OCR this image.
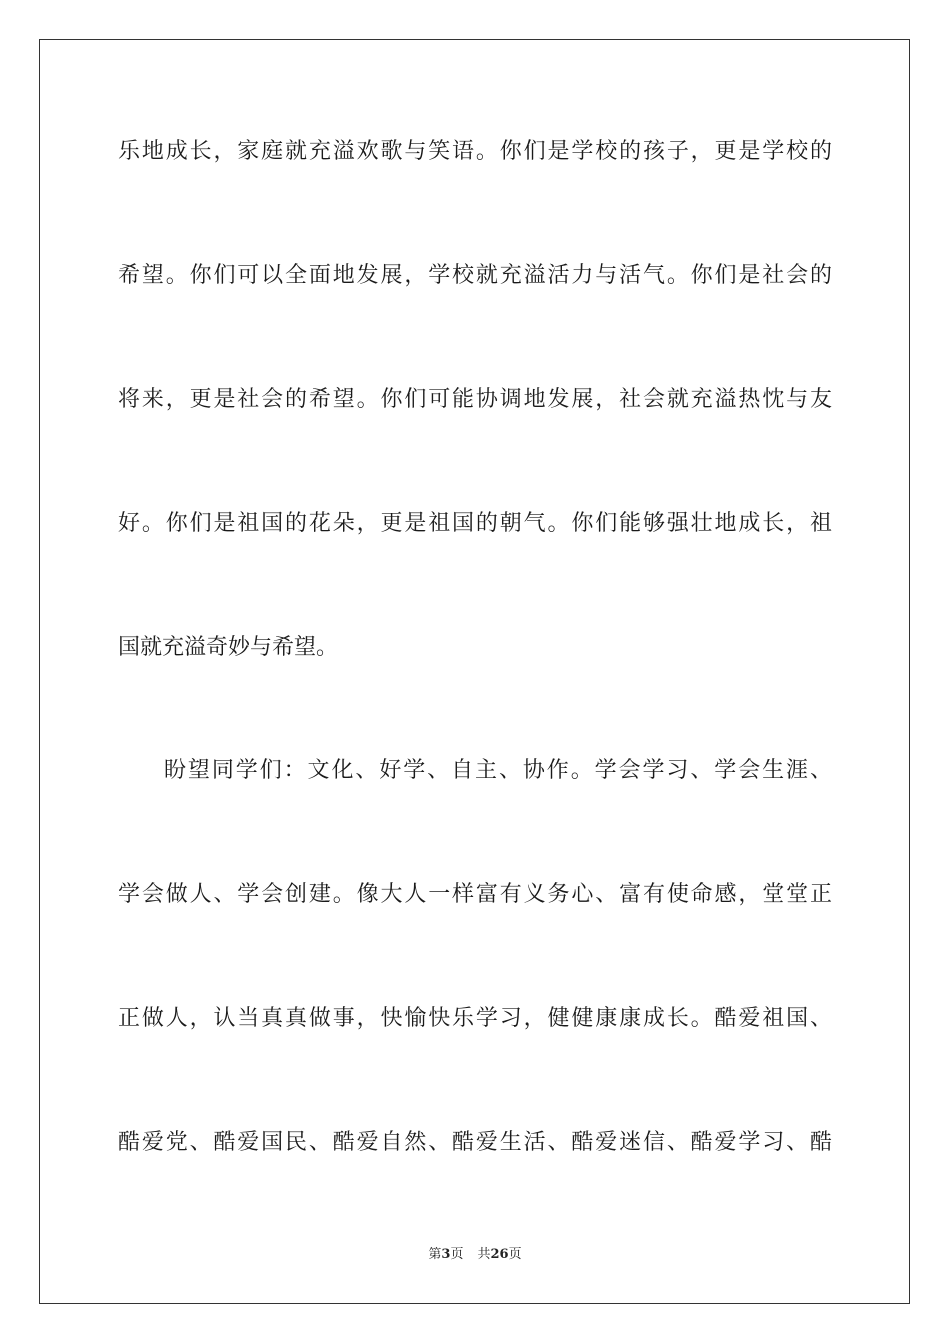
乐地成长，家庭就充溢欢歌与笑语。你们是学校的孩子，更是学校的
希望。你们可以全面地发展，学校就充溢活力与活气。你们是社会的
将来，更是社会的希望。你们可能协调地发展，社会就充溢热忱与友
好。你们是祖国的花朵，更是祖国的朝气。你们能够强壮地成长，祖
国就充溢奇妙与希望。
盼望同学们：文化、好学、自主、协作。学会学习、学会生涯、
学会做人、学会创建。像大人一样富有义务心、富有使命感，堂堂正
正做人，认当真真做事，快愉快乐学习，健健康康成长。酷爱祖国、
酷爱党、酷爱国民、酷爱自然、酷爱生活、酷爱迷信、酷爱学习、酷
第3页 共26页
